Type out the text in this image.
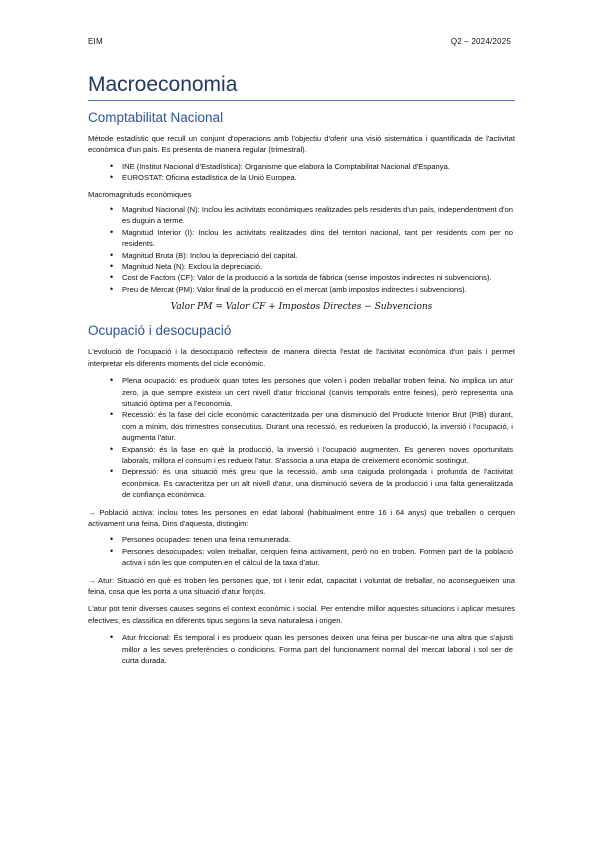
EIM	Q2 – 2024/2025
Macroeconomia
Comptabilitat Nacional

Mètode estadístic que recull un conjunt d'operacions amb l'objectiu d'oferir una visió sistemàtica i quantificada de l'activitat econòmica d'un país. Es presenta de manera regular (trimestral).

• INE (Institut Nacional d'Estadística): Organisme que elabora la Comptabilitat Nacional d'Espanya.
• EUROSTAT: Oficina estadística de la Unió Europea.

Macromagnituds econòmiques

• Magnitud Nacional (N): Inclou les activitats econòmiques realitzades pels residents d'un país, independentment d'on es duguin a terme.
• Magnitud Interior (I): Inclou les activitats realitzades dins del territori nacional, tant per residents com per no residents.
• Magnitud Bruta (B): Inclou la depreciació del capital.
• Magnitud Neta (N): Exclou la depreciació.
• Cost de Factors (CF): Valor de la producció a la sortida de fàbrica (sense impostos indirectes ni subvencions).
• Preu de Mercat (PM): Valor final de la producció en el mercat (amb impostos indirectes i subvencions).
Valor PM = Valor CF + Impostos Directes − Subvencions
Ocupació i desocupació

L'evolució de l'ocupació i la desocupació reflecteix de manera directa l'estat de l'activitat econòmica d'un país i permet interpretar els diferents moments del cicle econòmic.

• Plena ocupació: es produeix quan totes les persones que volen i poden treballar troben feina. No implica un atur zero, ja que sempre existeix un cert nivell d'atur friccional (canvis temporals entre feines), però representa una situació òptima per a l'economia.
• Recessió: és la fase del cicle econòmic caracteritzada per una disminució del Producte Interior Brut (PIB) durant, com a mínim, dos trimestres consecutius. Durant una recessió, es redueixen la producció, la inversió i l'ocupació, i augmenta l'atur.
• Expansió: és la fase en què la producció, la inversió i l'ocupació augmenten. Es generen noves oportunitats laborals, millora el consum i es redueix l'atur. S'associa a una etapa de creixement econòmic sostingut.
• Depressió: és una situació més greu que la recessió, amb una caiguda prolongada i profunda de l'activitat econòmica. Es caracteritza per un alt nivell d'atur, una disminució severa de la producció i una falta generalitzada de confiança econòmica.

→ Població activa: inclou totes les persones en edat laboral (habitualment entre 16 i 64 anys) que treballen o cerquen activament una feina. Dins d'aquesta, distingim:

• Persones ocupades: tenen una feina remunerada.
• Persones desocupades: volen treballar, cerquen feina activament, però no en troben. Formen part de la població activa i són les que computen en el càlcul de la taxa d'atur.

→ Atur: Situació en què es troben les persones que, tot i tenir edat, capacitat i voluntat de treballar, no aconsegueixen una feina, cosa que les porta a una situació d'atur forçós.

L'atur pot tenir diverses causes segons el context econòmic i social. Per entendre millor aquestes situacions i aplicar mesures efectives, es classifica en diferents tipus segons la seva naturalesa i origen.

• Atur friccional: És temporal i es produeix quan les persones deixen una feina per buscar-ne una altra que s'ajusti millor a les seves preferències o condicions. Forma part del funcionament normal del mercat laboral i sol ser de curta durada.
